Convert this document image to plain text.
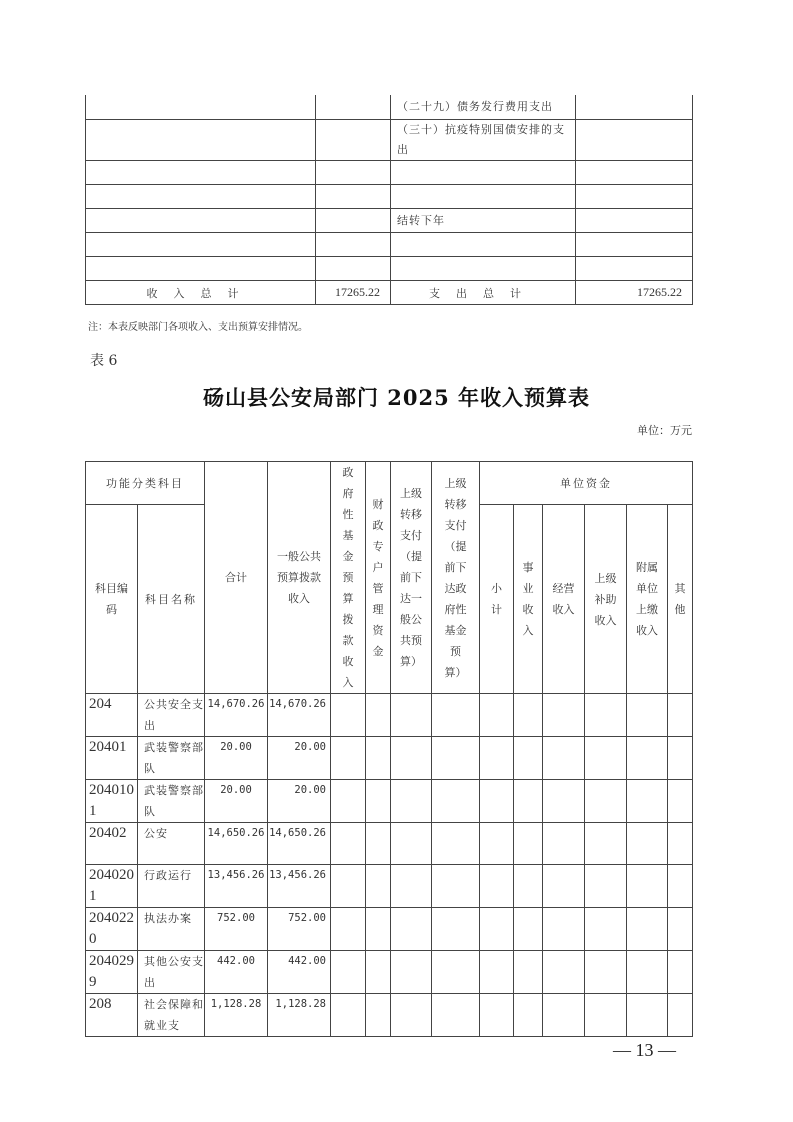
		（二十九）债务发行费用支出	
		（三十）抗疫特别国债安排的支出	

		结转下年	

收入总计	17265.22	支出总计	17265.22
注：本表反映部门各项收入、支出预算安排情况。
表 6
砀山县公安局部门 2025 年收入预算表
单位：万元
功能分类科目		合计	一般公共预算拨款收入	政府性基金预算拨款收入	财政专户管理资金	上级转移支付（提前下达一般公共预算）	上级转移支付（提前下达政府性基金预算）	单位资金					

科目编码	科目名称							小计	事业收入	经营收入	上级补助收入	附属单位上缴收入	其他

204	公共安全支出	14,670.26	14,670.26										
20401	武装警察部队	20.00	20.00										
2040101	武装警察部队	20.00	20.00										
20402	公安	14,650.26	14,650.26										
2040201	行政运行	13,456.26	13,456.26										
2040220	执法办案	752.00	752.00										
2040299	其他公安支出	442.00	442.00										
208	社会保障和就业支	1,128.28	1,128.28										
— 13 —
